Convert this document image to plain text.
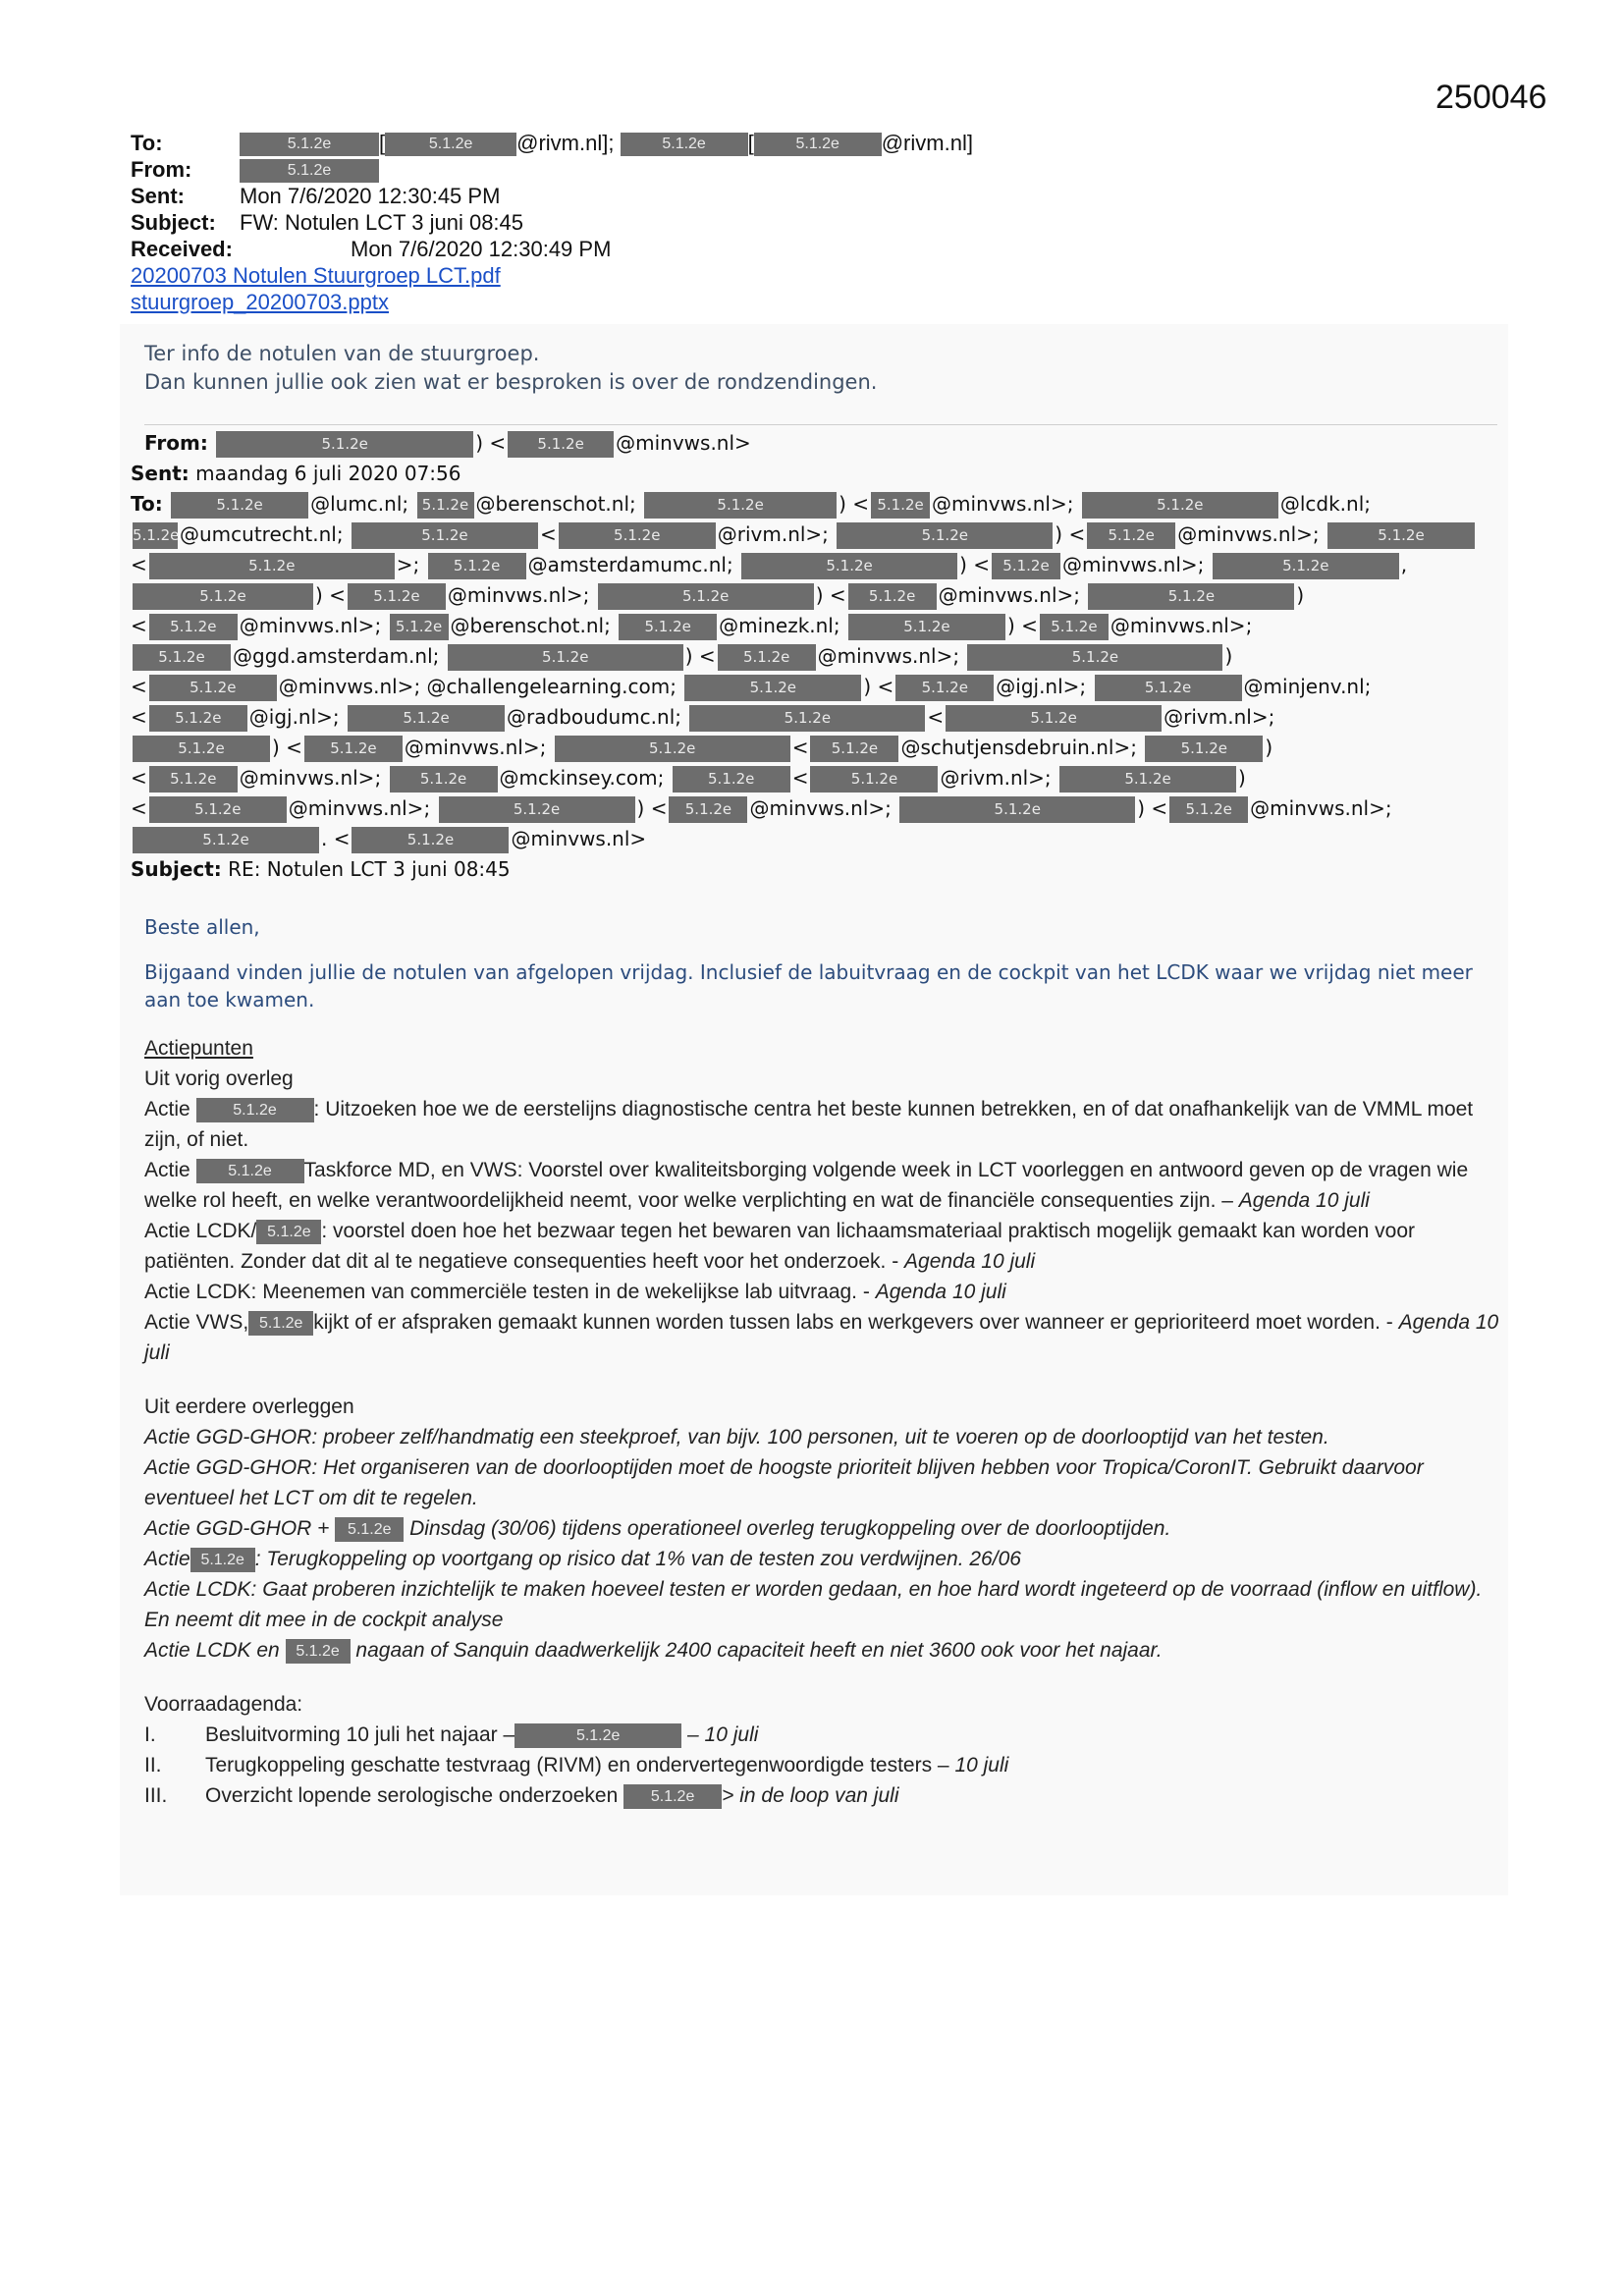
250046
To:	5.1.2e [	5.1.2e @rivm.nl];	5.1.2e [	5.1.2e @rivm.nl]
From:	5.1.2e
Sent:	Mon 7/6/2020 12:30:45 PM
Subject: FW: Notulen LCT 3 juni 08:45
Received:	Mon 7/6/2020 12:30:49 PM
20200703 Notulen Stuurgroep LCT.pdf
stuurgroep_20200703.pptx
Ter info de notulen van de stuurgroep.
Dan kunnen jullie ook zien wat er besproken is over de rondzendingen.
From:	5.1.2e	) < 5.1.2e @minvws.nl>
Sent: maandag 6 juli 2020 07:56
To:	5.1.2e @lumc.nl; 5.1.2e @berenschot.nl;	5.1.2e	) < 5.1.2e @minvws.nl>;	5.1.2e	@lcdk.nl;
5.1.2e@umcutrecht.nl;	5.1.2e	<	5.1.2e	@rivm.nl>;	5.1.2e	) < 5.1.2e @minvws.nl>;	5.1.2e
<	5.1.2e	>; 5.1.2e @amsterdamumc.nl;	5.1.2e	) < 5.1.2e @minvws.nl>;	5.1.2e	,
5.1.2e	) < 5.1.2e @minvws.nl>;	5.1.2e	) < 5.1.2e @minvws.nl>;	5.1.2e	)
< 5.1.2e @minvws.nl>; 5.1.2e @berenschot.nl; 5.1.2e @minezk.nl;	5.1.2e	) < 5.1.2e @minvws.nl>;
5.1.2e @ggd.amsterdam.nl;	5.1.2e	) < 5.1.2e @minvws.nl>;	5.1.2e	)
<	5.1.2e @minvws.nl>; @challengelearning.com;	5.1.2e	) < 5.1.2e @igj.nl>;	5.1.2e	@minjenv.nl;
< 5.1.2e @igj.nl>;	5.1.2e	@radboudumc.nl;	5.1.2e	<	5.1.2e	@rivm.nl>;
5.1.2e ) < 5.1.2e @minvws.nl>;	5.1.2e	< 5.1.2e @schutjensdebruin.nl>;	5.1.2e )
< 5.1.2e @minvws.nl>;	5.1.2e @mckinsey.com;	5.1.2e <	5.1.2e @rivm.nl>;	5.1.2e	)
<	5.1.2e @minvws.nl>;	5.1.2e	) < 5.1.2e @minvws.nl>;	5.1.2e	) < 5.1.2e @minvws.nl>;
5.1.2e	. <	5.1.2e	@minvws.nl>
Subject: RE: Notulen LCT 3 juni 08:45
Beste allen,
Bijgaand vinden jullie de notulen van afgelopen vrijdag. Inclusief de labuitvraag en de cockpit van het LCDK waar we vrijdag niet meer aan toe kwamen.
Actiepunten
Uit vorig overleg
Actie	5.1.2e : Uitzoeken hoe we de eerstelijns diagnostische centra het beste kunnen betrekken, en of dat onafhankelijk van de VMML moet zijn, of niet.
Actie 5.1.2e Taskforce MD, en VWS: Voorstel over kwaliteitsborging volgende week in LCT voorleggen en antwoord geven op de vragen wie welke rol heeft, en welke verantwoordelijkheid neemt, voor welke verplichting en wat de financiële consequenties zijn. – Agenda 10 juli
Actie LCDK/ 5.1.2e : voorstel doen hoe het bezwaar tegen het bewaren van lichaamsmateriaal praktisch mogelijk gemaakt kan worden voor patiënten. Zonder dat dit al te negatieve consequenties heeft voor het onderzoek. - Agenda 10 juli
Actie LCDK: Meenemen van commerciële testen in de wekelijkse lab uitvraag. - Agenda 10 juli
Actie VWS, 5.1.2e kijkt of er afspraken gemaakt kunnen worden tussen labs en werkgevers over wanneer er geprioriteerd moet worden. - Agenda 10 juli
Uit eerdere overleggen
Actie GGD-GHOR: probeer zelf/handmatig een steekproef, van bijv. 100 personen, uit te voeren op de doorlooptijd van het testen.
Actie GGD-GHOR: Het organiseren van de doorlooptijden moet de hoogste prioriteit blijven hebben voor Tropica/CoronIT. Gebruikt daarvoor eventueel het LCT om dit te regelen.
Actie GGD-GHOR + 5.1.2e Dinsdag (30/06) tijdens operationeel overleg terugkoppeling over de doorlooptijden.
Actie 5.1.2e : Terugkoppeling op voortgang op risico dat 1% van de testen zou verdwijnen. 26/06
Actie LCDK: Gaat proberen inzichtelijk te maken hoeveel testen er worden gedaan, en hoe hard wordt ingeteerd op de voorraad (inflow en uitflow). En neemt dit mee in de cockpit analyse
Actie LCDK en 5.1.2e nagaan of Sanquin daadwerkelijk 2400 capaciteit heeft en niet 3600 ook voor het najaar.
Voorraadagenda:
I. Besluitvorming 10 juli het najaar –	5.1.2e	– 10 juli
II. Terugkoppeling geschatte testvraag (RIVM) en ondervertegenwoordigde testers – 10 juli
III. Overzicht lopende serologische onderzoeken 5.1.2e > in de loop van juli
